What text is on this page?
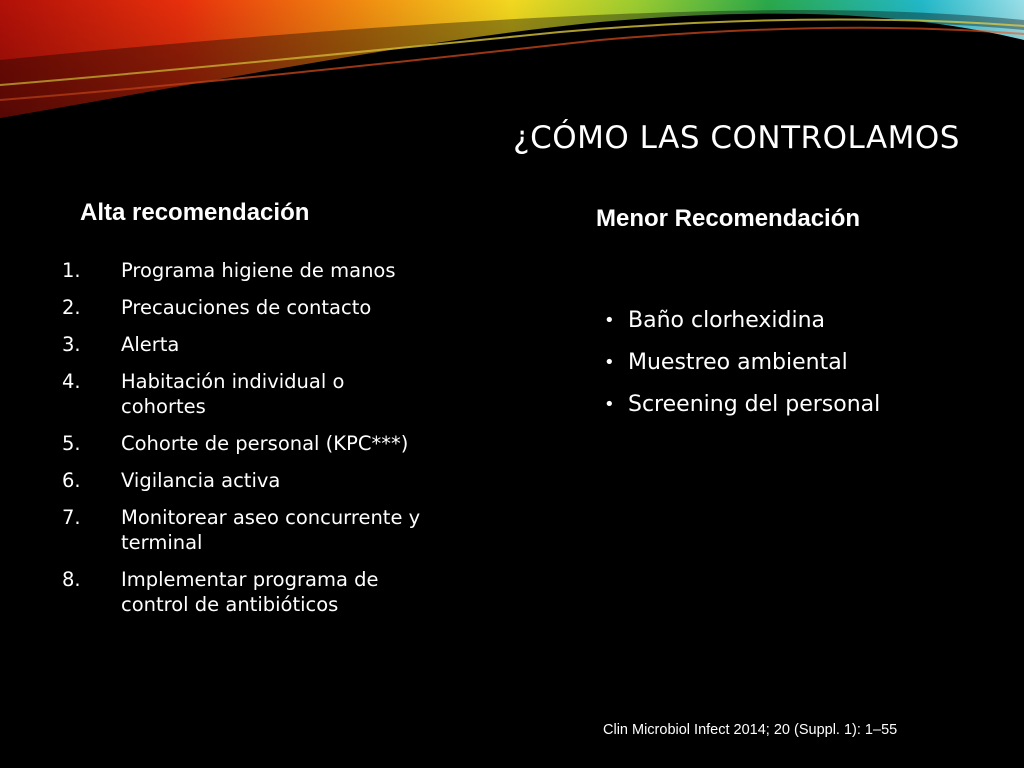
¿CÓMO LAS CONTROLAMOS
Alta recomendación	Menor Recomendación
1. Programa higiene de manos
2. Precauciones de contacto
3. Alerta
4. Habitación individual o cohortes
5. Cohorte de personal (KPC***)
6. Vigilancia activa
7. Monitorear aseo concurrente y terminal
8. Implementar programa de control de antibióticos
• Baño clorhexidina
• Muestreo ambiental
• Screening del personal
Clin Microbiol Infect 2014; 20 (Suppl. 1): 1–55
